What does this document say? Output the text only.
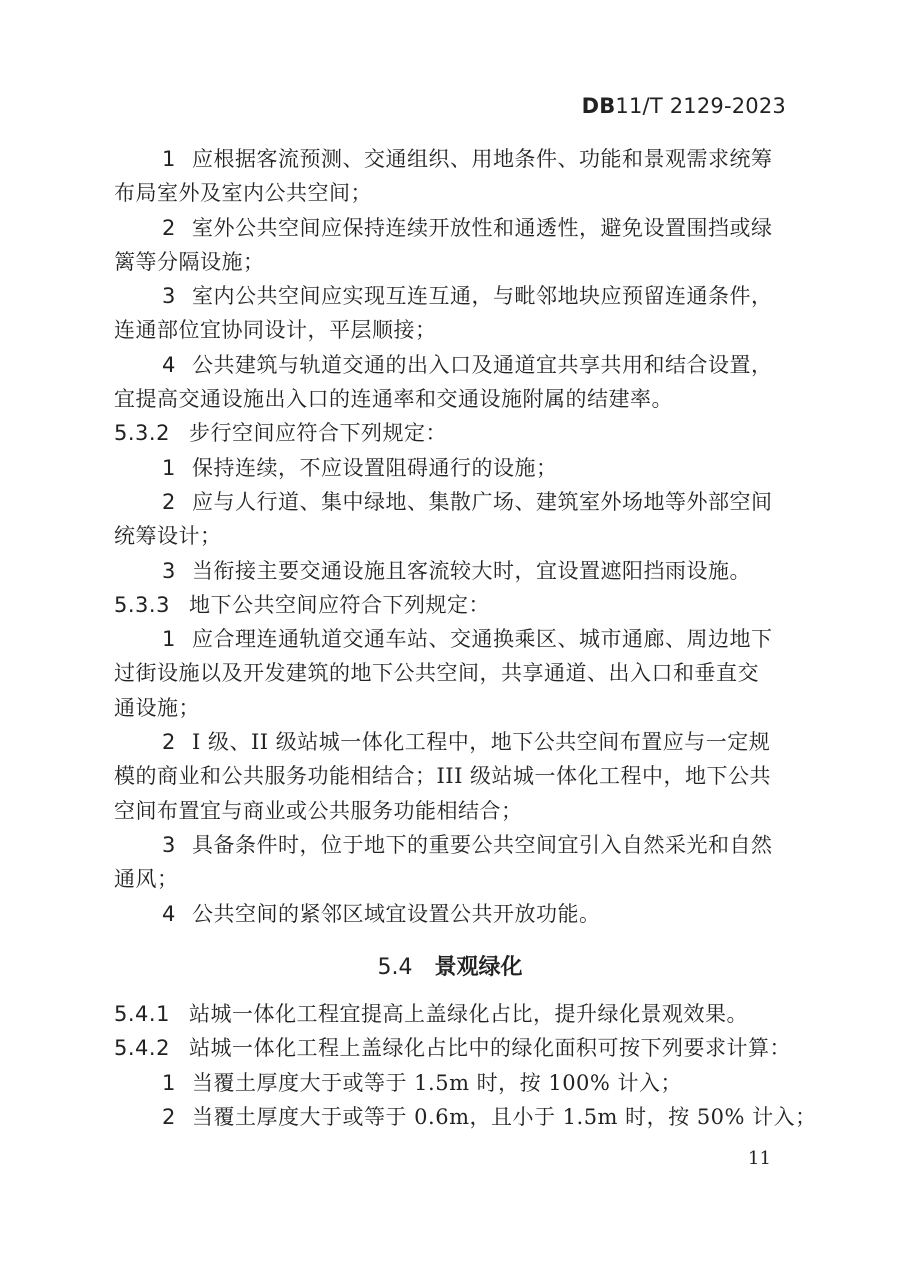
DB11/T 2129-2023
1 应根据客流预测、交通组织、用地条件、功能和景观需求统筹
布局室外及室内公共空间；
2 室外公共空间应保持连续开放性和通透性，避免设置围挡或绿
篱等分隔设施；
3 室内公共空间应实现互连互通，与毗邻地块应预留连通条件，
连通部位宜协同设计，平层顺接；
4 公共建筑与轨道交通的出入口及通道宜共享共用和结合设置，
宜提高交通设施出入口的连通率和交通设施附属的结建率。
5.3.2 步行空间应符合下列规定：
1 保持连续，不应设置阻碍通行的设施；
2 应与人行道、集中绿地、集散广场、建筑室外场地等外部空间
统筹设计；
3 当衔接主要交通设施且客流较大时，宜设置遮阳挡雨设施。
5.3.3 地下公共空间应符合下列规定：
1 应合理连通轨道交通车站、交通换乘区、城市通廊、周边地下
过街设施以及开发建筑的地下公共空间，共享通道、出入口和垂直交
通设施；
2 I 级、II 级站城一体化工程中，地下公共空间布置应与一定规
模的商业和公共服务功能相结合；III 级站城一体化工程中，地下公共
空间布置宜与商业或公共服务功能相结合；
3 具备条件时，位于地下的重要公共空间宜引入自然采光和自然
通风；
4 公共空间的紧邻区域宜设置公共开放功能。
5.4 景观绿化
5.4.1 站城一体化工程宜提高上盖绿化占比，提升绿化景观效果。
5.4.2 站城一体化工程上盖绿化占比中的绿化面积可按下列要求计算：
1 当覆土厚度大于或等于 1.5m 时，按 100% 计入；
2 当覆土厚度大于或等于 0.6m，且小于 1.5m 时，按 50% 计入；
11
